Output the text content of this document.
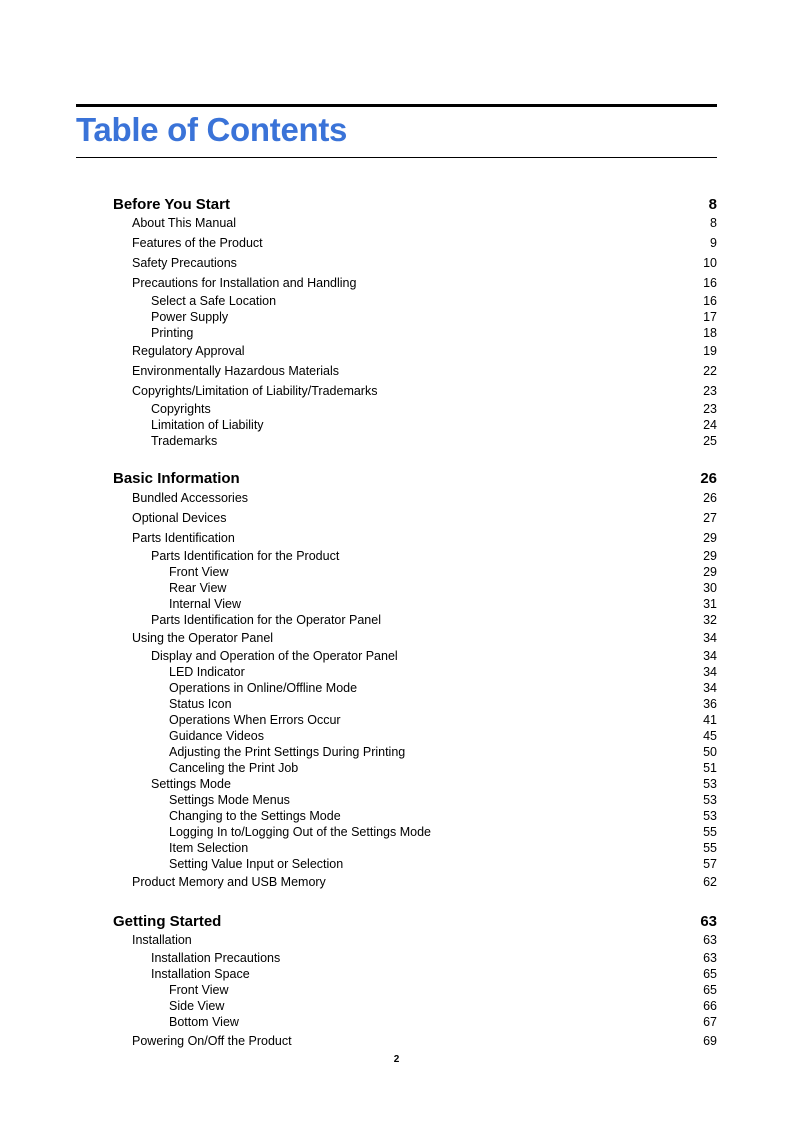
Table of Contents
Before You Start	8
About This Manual	8
Features of the Product	9
Safety Precautions	10
Precautions for Installation and Handling	16
Select a Safe Location	16
Power Supply	17
Printing	18
Regulatory Approval	19
Environmentally Hazardous Materials	22
Copyrights/Limitation of Liability/Trademarks	23
Copyrights	23
Limitation of Liability	24
Trademarks	25
Basic Information	26
Bundled Accessories	26
Optional Devices	27
Parts Identification	29
Parts Identification for the Product	29
Front View	29
Rear View	30
Internal View	31
Parts Identification for the Operator Panel	32
Using the Operator Panel	34
Display and Operation of the Operator Panel	34
LED Indicator	34
Operations in Online/Offline Mode	34
Status Icon	36
Operations When Errors Occur	41
Guidance Videos	45
Adjusting the Print Settings During Printing	50
Canceling the Print Job	51
Settings Mode	53
Settings Mode Menus	53
Changing to the Settings Mode	53
Logging In to/Logging Out of the Settings Mode	55
Item Selection	55
Setting Value Input or Selection	57
Product Memory and USB Memory	62
Getting Started	63
Installation	63
Installation Precautions	63
Installation Space	65
Front View	65
Side View	66
Bottom View	67
Powering On/Off the Product	69
2
